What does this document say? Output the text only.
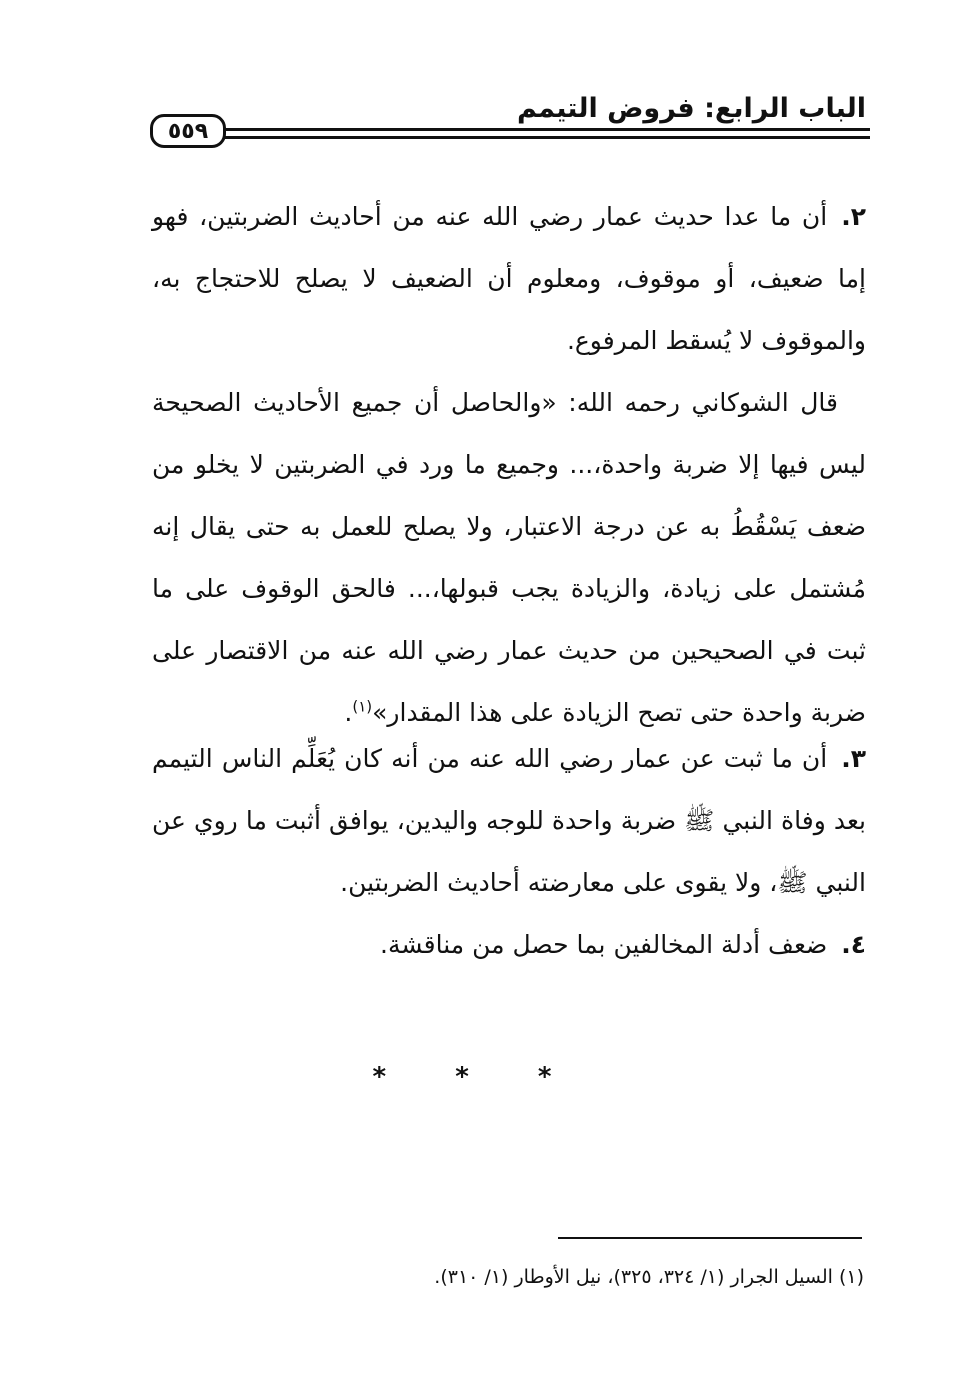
الباب الرابع: فروض التيمم
٥٥٩
٢.أن ما عدا حديث عمار رضي الله عنه من أحاديث الضربتين، فهو إما ضعيف، أو موقوف، ومعلوم أن الضعيف لا يصلح للاحتجاج به، والموقوف لا يُسقط المرفوع.
قال الشوكاني رحمه الله: «والحاصل أن جميع الأحاديث الصحيحة ليس فيها إلا ضربة واحدة،... وجميع ما ورد في الضربتين لا يخلو من ضعف يَسْقُطُ به عن درجة الاعتبار، ولا يصلح للعمل به حتى يقال إنه مُشتمل على زيادة، والزيادة يجب قبولها،... فالحق الوقوف على ما ثبت في الصحيحين من حديث عمار رضي الله عنه من الاقتصار على ضربة واحدة حتى تصح الزيادة على هذا المقدار»$^{(١)}$.
٣.أن ما ثبت عن عمار رضي الله عنه من أنه كان يُعَلِّم الناس التيمم بعد وفاة النبي ﷺ ضربة واحدة للوجه واليدين، يوافق أثبت ما روي عن النبي ﷺ، ولا يقوى على معارضته أحاديث الضربتين.
٤.ضعف أدلة المخالفين بما حصل من مناقشة.
* * *
(١) السيل الجرار (١/ ٣٢٤، ٣٢٥)، نيل الأوطار (١/ ٣١٠).
